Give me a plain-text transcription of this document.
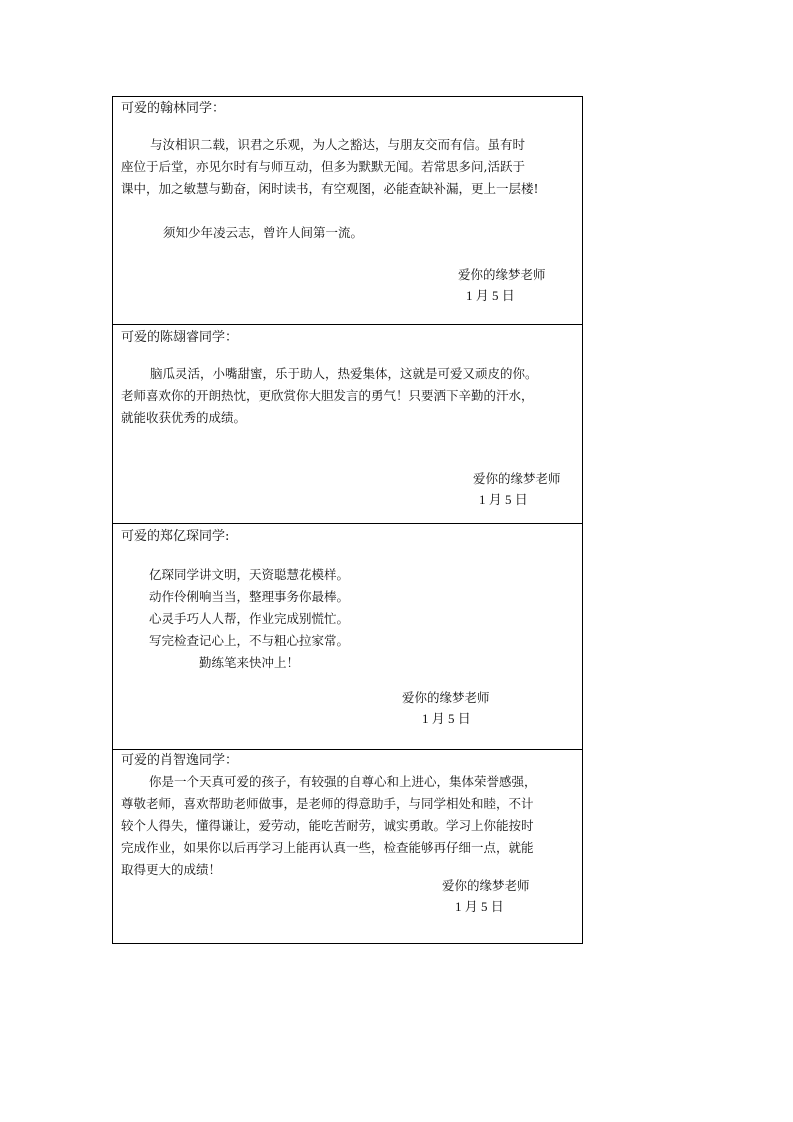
可爱的翰林同学：
与汝相识二载，识君之乐观，为人之豁达，与朋友交而有信。虽有时
座位于后堂，亦见尔时有与师互动，但多为默默无闻。若常思多问,活跃于
课中，加之敏慧与勤奋，闲时读书，有空观图，必能查缺补漏，更上一层楼!
须知少年凌云志，曾许人间第一流。
爱你的缘梦老师
1 月 5 日
可爱的陈翃睿同学：
脑瓜灵活，小嘴甜蜜，乐于助人，热爱集体，这就是可爱又顽皮的你。
老师喜欢你的开朗热忱，更欣赏你大胆发言的勇气！只要洒下辛勤的汗水，
就能收获优秀的成绩。
爱你的缘梦老师
1 月 5 日
可爱的郑亿琛同学:
亿琛同学讲文明，天资聪慧花模样。
动作伶俐响当当，整理事务你最棒。
心灵手巧人人帮，作业完成别慌忙。
写完检查记心上，不与粗心拉家常。
勤练笔来快冲上！
爱你的缘梦老师
1 月 5 日
可爱的肖智逸同学：
你是一个天真可爱的孩子，有较强的自尊心和上进心，集体荣誉感强，
尊敬老师，喜欢帮助老师做事，是老师的得意助手，与同学相处和睦，不计
较个人得失，懂得谦让，爱劳动，能吃苦耐劳，诚实勇敢。学习上你能按时
完成作业，如果你以后再学习上能再认真一些，检查能够再仔细一点，就能
取得更大的成绩！
爱你的缘梦老师
1 月 5 日
